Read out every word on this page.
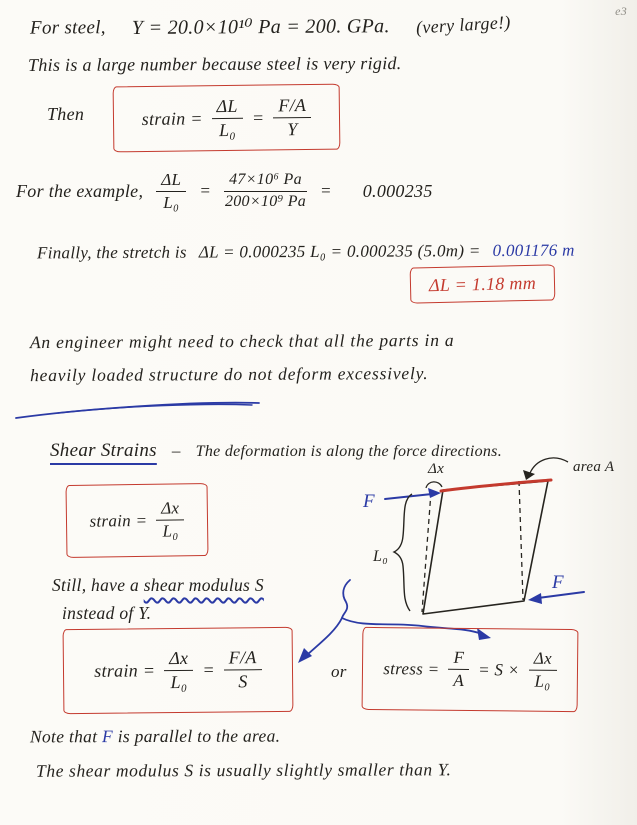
e3
For steel, Y = 20.0×10¹⁰ Pa = 200. GPa. (very large!)
This is a large number because steel is very rigid.
Then	strain = $\frac{\Delta L}{\text{L₀}} = \frac{F/A}{Y}$
For the example, $\frac{\Delta L}{\text{L₀}} = \frac{\text{47×10⁶ Pa}}{\text{200×10⁹ Pa}} = 0.000235$
Finally, the stretch is ΔL = 0.000235 L₀ = 0.000235 (5.0m) = 0.001176 m
ΔL = 1.18 mm
An engineer might need to check that all the parts in a
heavily loaded structure do not deform excessively.
Shear Strains – The deformation is along the force directions.
strain = $\frac{\Delta x}{\text{L₀}}$
Δx
F
L₀
F
area A
Still, have a shear modulus S
instead of Y.
strain = $\frac{\Delta x}{\text{L₀}} = \frac{F/A}{S}$	or stress = $\frac{F}{A} = S \times \frac{\Delta x}{\text{L₀}}$
Note that F is parallel to the area.
The shear modulus S is usually slightly smaller than Y.
